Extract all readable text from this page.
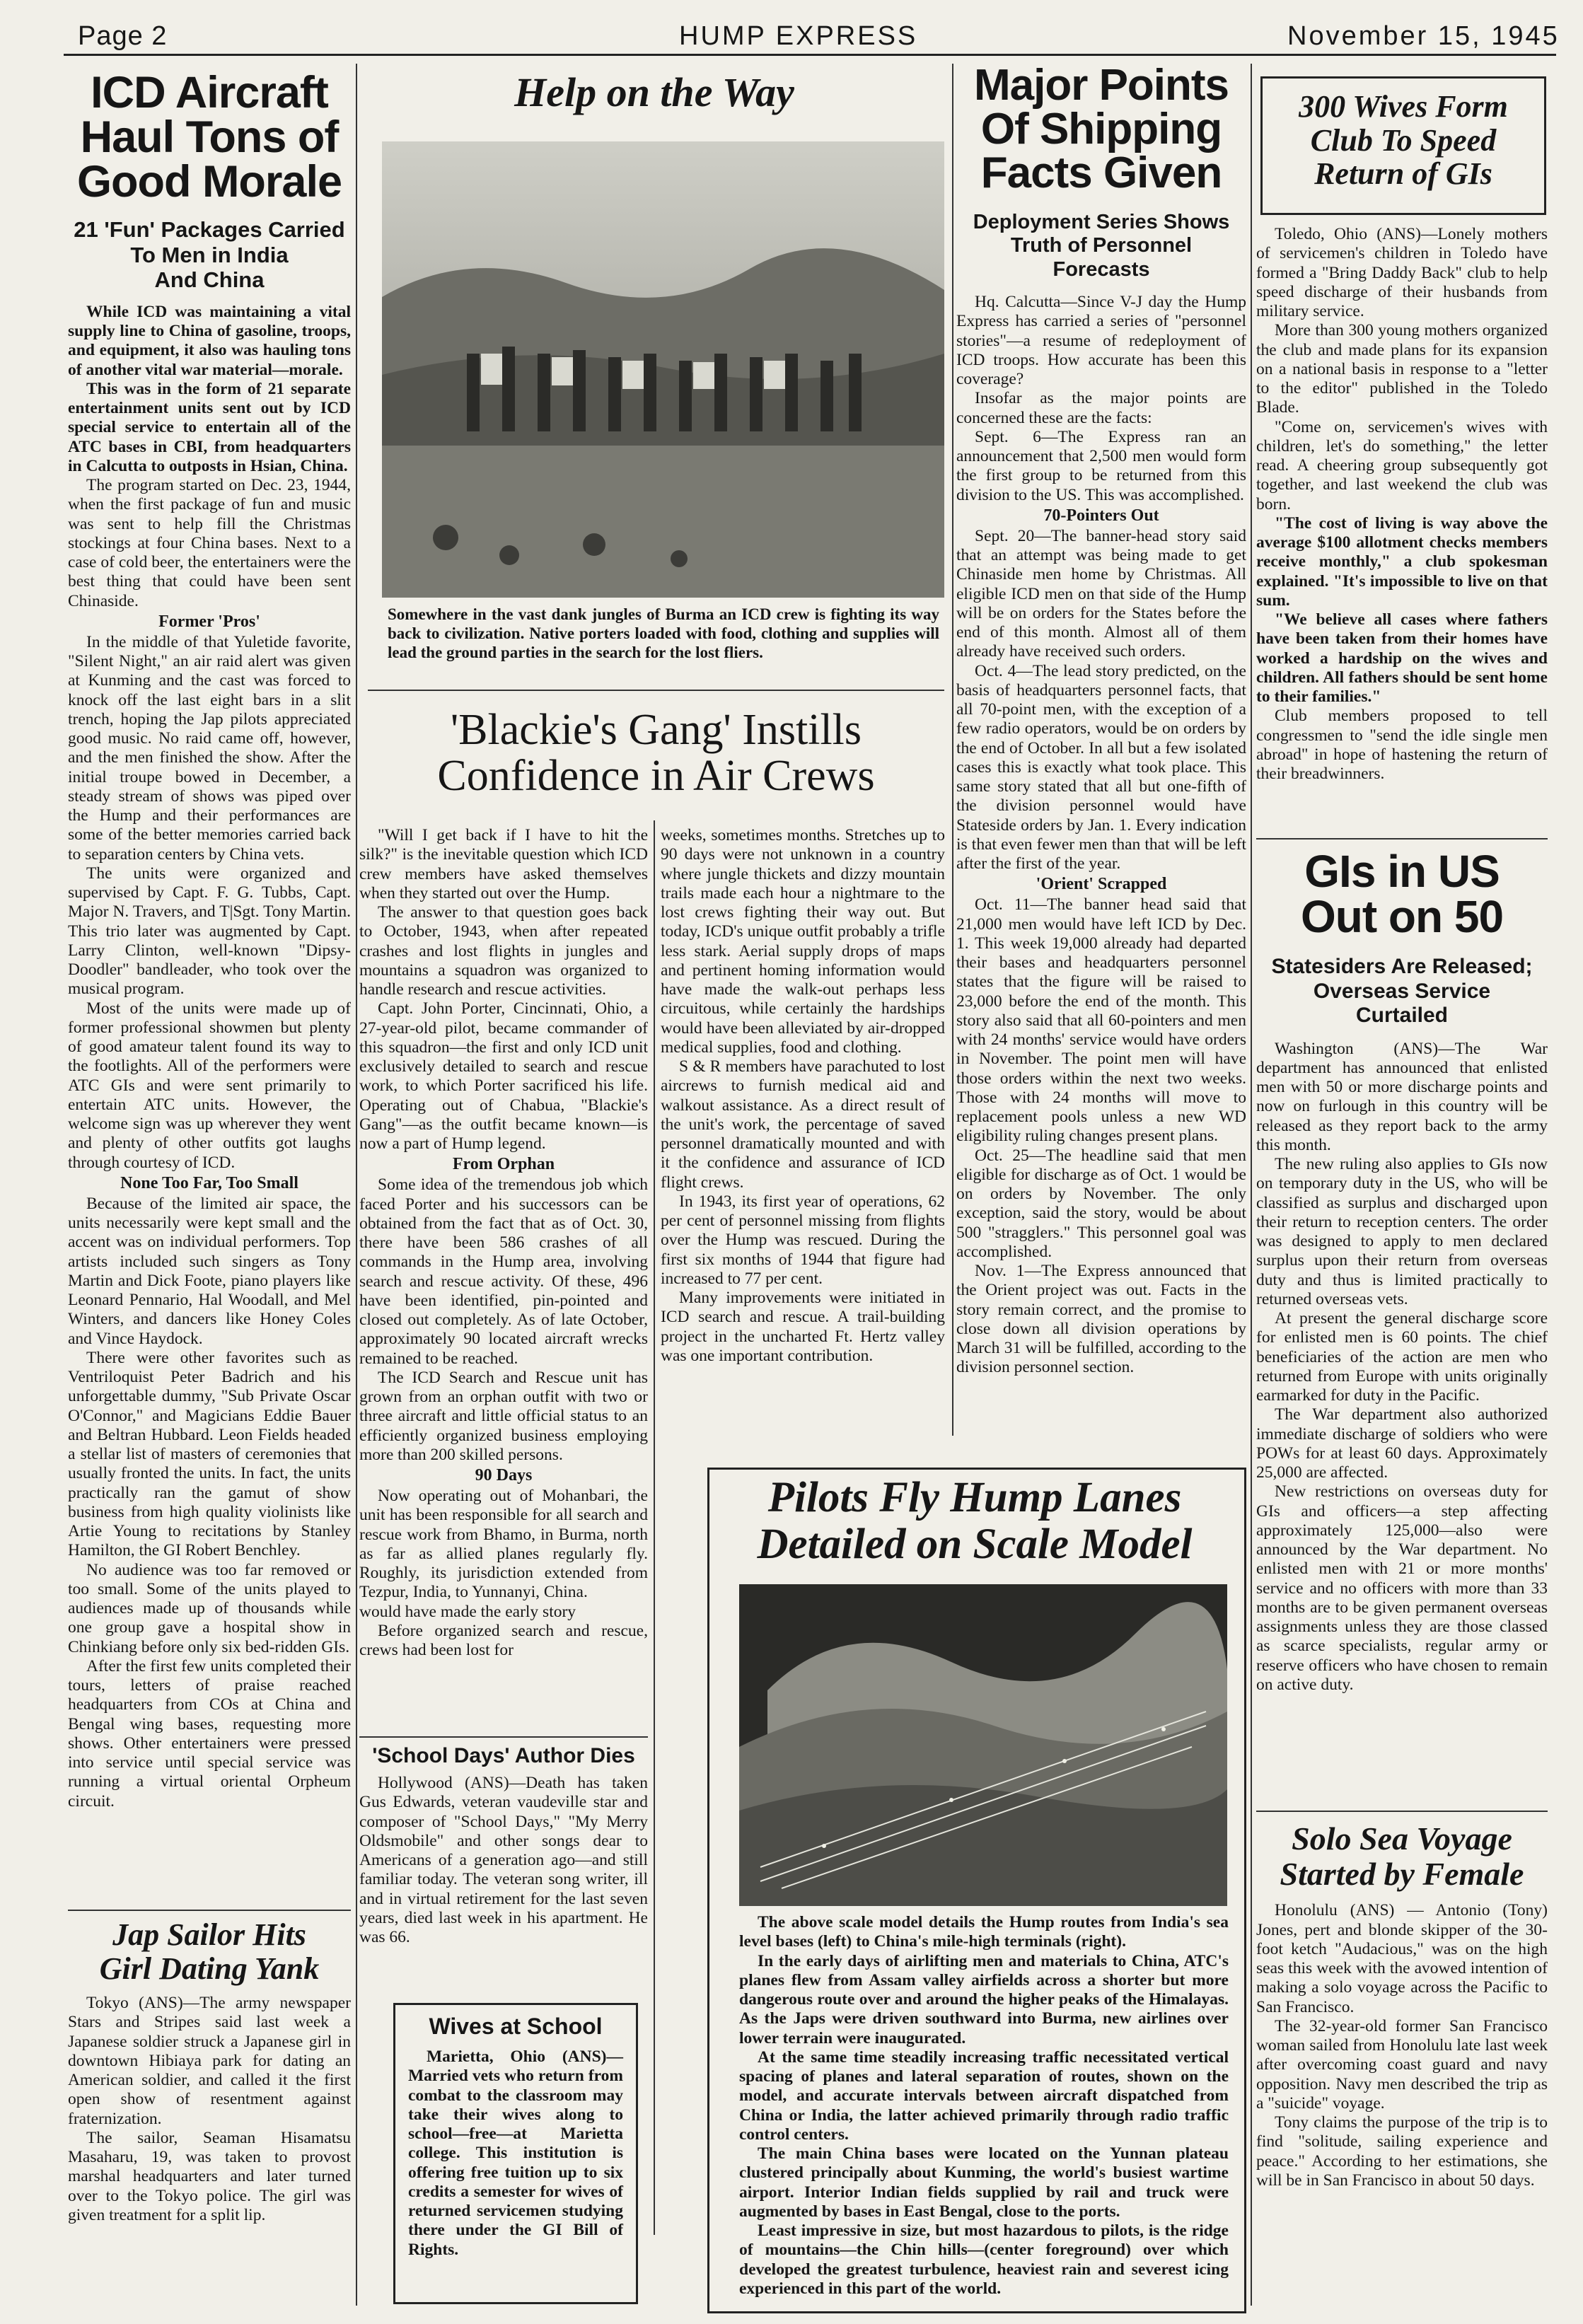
Page 2	HUMP EXPRESS	November 15, 1945
ICD Aircraft
Haul Tons of
Good Morale
21 'Fun' Packages Carried
To Men in India
And China

While ICD was maintaining a vital supply line to China of gasoline, troops, and equipment, it also was hauling tons of another vital war material—morale.

This was in the form of 21 separate entertainment units sent out by ICD special service to entertain all of the ATC bases in CBI, from headquarters in Calcutta to outposts in Hsian, China.

The program started on Dec. 23, 1944, when the first package of fun and music was sent to help fill the Christmas stockings at four China bases. Next to a case of cold beer, the entertainers were the best thing that could have been sent Chinaside.

Former 'Pros'

In the middle of that Yuletide favorite, "Silent Night," an air raid alert was given at Kunming and the cast was forced to knock off the last eight bars in a slit trench, hoping the Jap pilots appreciated good music. No raid came off, however, and the men finished the show. After the initial troupe bowed in December, a steady stream of shows was piped over the Hump and their performances are some of the better memories carried back to separation centers by China vets.

The units were organized and supervised by Capt. F. G. Tubbs, Capt. Major N. Travers, and T|Sgt. Tony Martin. This trio later was augmented by Capt. Larry Clinton, well-known "Dipsy-Doodler" bandleader, who took over the musical program.

Most of the units were made up of former professional showmen but plenty of good amateur talent found its way to the footlights. All of the performers were ATC GIs and were sent primarily to entertain ATC units. However, the welcome sign was up wherever they went and plenty of other outfits got laughs through courtesy of ICD.

None Too Far, Too Small

Because of the limited air space, the units necessarily were kept small and the accent was on individual performers. Top artists included such singers as Tony Martin and Dick Foote, piano players like Leonard Pennario, Hal Woodall, and Mel Winters, and dancers like Honey Coles and Vince Haydock.

There were other favorites such as Ventriloquist Peter Badrich and his unforgettable dummy, "Sub Private Oscar O'Connor," and Magicians Eddie Bauer and Beltran Hubbard. Leon Fields headed a stellar list of masters of ceremonies that usually fronted the units. In fact, the units practically ran the gamut of show business from high quality violinists like Artie Young to recitations by Stanley Hamilton, the GI Robert Benchley.

No audience was too far removed or too small. Some of the units played to audiences made up of thousands while one group gave a hospital show in Chinkiang before only six bed-ridden GIs.

After the first few units completed their tours, letters of praise reached headquarters from COs at China and Bengal wing bases, requesting more shows. Other entertainers were pressed into service until special service was running a virtual oriental Orpheum circuit.

Jap Sailor Hits
Girl Dating Yank

Tokyo (ANS)—The army newspaper Stars and Stripes said last week a Japanese soldier struck a Japanese girl in downtown Hibiaya park for dating an American soldier, and called it the first open show of resentment against fraternization.

The sailor, Seaman Hisamatsu Masaharu, 19, was taken to provost marshal headquarters and later turned over to the Tokyo police. The girl was given treatment for a split lip.

Help on the Way

Somewhere in the vast dank jungles of Burma an ICD crew is fighting its way back to civilization. Native porters loaded with food, clothing and supplies will lead the ground parties in the search for the lost fliers.

'Blackie's Gang' Instills
Confidence in Air Crews

"Will I get back if I have to hit the silk?" is the inevitable question which ICD crew members have asked themselves when they started out over the Hump.

The answer to that question goes back to October, 1943, when after repeated crashes and lost flights in jungles and mountains a squadron was organized to handle research and rescue activities.

Capt. John Porter, Cincinnati, Ohio, a 27-year-old pilot, became commander of this squadron—the first and only ICD unit exclusively detailed to search and rescue work, to which Porter sacrificed his life. Operating out of Chabua, "Blackie's Gang"—as the outfit became known—is now a part of Hump legend.

From Orphan

Some idea of the tremendous job which faced Porter and his successors can be obtained from the fact that as of Oct. 30, there have been 586 crashes of all commands in the Hump area, involving search and rescue activity. Of these, 496 have been identified, pin-pointed and closed out completely. As of late October, approximately 90 located aircraft wrecks remained to be reached.

The ICD Search and Rescue unit has grown from an orphan outfit with two or three aircraft and little official status to an efficiently organized business employing more than 200 skilled persons.

90 Days

Now operating out of Mohanbari, the unit has been responsible for all search and rescue work from Bhamo, in Burma, north as far as allied planes regularly fly. Roughly, its jurisdiction extended from Tezpur, India, to Yunnanyi, China.

would have made the early story

Before organized search and rescue, crews had been lost for

weeks, sometimes months. Stretches up to 90 days were not unknown in a country where jungle thickets and dizzy mountain trails made each hour a nightmare to the lost crews fighting their way out. But today, ICD's unique outfit probably a trifle less stark. Aerial supply drops of maps and pertinent homing information would have made the walk-out perhaps less circuitous, while certainly the hardships would have been alleviated by air-dropped medical supplies, food and clothing.

S & R members have parachuted to lost aircrews to furnish medical aid and walkout assistance. As a direct result of the unit's work, the percentage of saved personnel dramatically mounted and with it the confidence and assurance of ICD flight crews.

In 1943, its first year of operations, 62 per cent of personnel missing from flights over the Hump was rescued. During the first six months of 1944 that figure had increased to 77 per cent.

Many improvements were initiated in ICD search and rescue. A trail-building project in the uncharted Ft. Hertz valley was one important contribution.

'School Days' Author Dies

Hollywood (ANS)—Death has taken Gus Edwards, veteran vaudeville star and composer of "School Days," "My Merry Oldsmobile" and other songs dear to Americans of a generation ago—and still familiar today. The veteran song writer, ill and in virtual retirement for the last seven years, died last week in his apartment. He was 66.

Wives at School

Marietta, Ohio (ANS)—Married vets who return from combat to the classroom may take their wives along to school—free—at Marietta college. This institution is offering free tuition up to six credits a semester for wives of returned servicemen studying there under the GI Bill of Rights.

Pilots Fly Hump Lanes
Detailed on Scale Model

The above scale model details the Hump routes from India's sea level bases (left) to China's mile-high terminals (right).

In the early days of airlifting men and materials to China, ATC's planes flew from Assam valley airfields across a shorter but more dangerous route over and around the higher peaks of the Himalayas. As the Japs were driven southward into Burma, new airlines over lower terrain were inaugurated.

At the same time steadily increasing traffic necessitated vertical spacing of planes and lateral separation of routes, shown on the model, and accurate intervals between aircraft dispatched from China or India, the latter achieved primarily through radio traffic control centers.

The main China bases were located on the Yunnan plateau clustered principally about Kunming, the world's busiest wartime airport. Interior Indian fields supplied by rail and truck were augmented by bases in East Bengal, close to the ports.

Least impressive in size, but most hazardous to pilots, is the ridge of mountains—the Chin hills—(center foreground) over which developed the greatest turbulence, heaviest rain and severest icing experienced in this part of the world.

Major Points
Of Shipping
Facts Given
Deployment Series Shows
Truth of Personnel
Forecasts

Hq. Calcutta—Since V-J day the Hump Express has carried a series of "personnel stories"—a resume of redeployment of ICD troops. How accurate has been this coverage?

Insofar as the major points are concerned these are the facts:

Sept. 6—The Express ran an announcement that 2,500 men would form the first group to be returned from this division to the US. This was accomplished.

70-Pointers Out

Sept. 20—The banner-head story said that an attempt was being made to get Chinaside men home by Christmas. All eligible ICD men on that side of the Hump will be on orders for the States before the end of this month. Almost all of them already have received such orders.

Oct. 4—The lead story predicted, on the basis of headquarters personnel facts, that all 70-point men, with the exception of a few radio operators, would be on orders by the end of October. In all but a few isolated cases this is exactly what took place. This same story stated that all but one-fifth of the division personnel would have Stateside orders by Jan. 1. Every indication is that even fewer men than that will be left after the first of the year.

'Orient' Scrapped

Oct. 11—The banner head said that 21,000 men would have left ICD by Dec. 1. This week 19,000 already had departed their bases and headquarters personnel states that the figure will be raised to 23,000 before the end of the month. This story also said that all 60-pointers and men with 24 months' service would have orders in November. The point men will have those orders within the next two weeks. Those with 24 months will move to replacement pools unless a new WD eligibility ruling changes present plans.

Oct. 25—The headline said that men eligible for discharge as of Oct. 1 would be on orders by November. The only exception, said the story, would be about 500 "stragglers." This personnel goal was accomplished.

Nov. 1—The Express announced that the Orient project was out. Facts in the story remain correct, and the promise to close down all division operations by March 31 will be fulfilled, according to the division personnel section.

300 Wives Form
Club To Speed
Return of GIs

Toledo, Ohio (ANS)—Lonely mothers of servicemen's children in Toledo have formed a "Bring Daddy Back" club to help speed discharge of their husbands from military service.

More than 300 young mothers organized the club and made plans for its expansion on a national basis in response to a "letter to the editor" published in the Toledo Blade.

"Come on, servicemen's wives with children, let's do something," the letter read. A cheering group subsequently got together, and last weekend the club was born.

"The cost of living is way above the average $100 allotment checks members receive monthly," a club spokesman explained. "It's impossible to live on that sum.

"We believe all cases where fathers have been taken from their homes have worked a hardship on the wives and children. All fathers should be sent home to their families."

Club members proposed to tell congressmen to "send the idle single men abroad" in hope of hastening the return of their breadwinners.

GIs in US
Out on 50
Statesiders Are Released;
Overseas Service
Curtailed

Washington (ANS)—The War department has announced that enlisted men with 50 or more discharge points and now on furlough in this country will be released as they report back to the army this month.

The new ruling also applies to GIs now on temporary duty in the US, who will be classified as surplus and discharged upon their return to reception centers. The order was designed to apply to men declared surplus upon their return from overseas duty and thus is limited practically to returned overseas vets.

At present the general discharge score for enlisted men is 60 points. The chief beneficiaries of the action are men who returned from Europe with units originally earmarked for duty in the Pacific.

The War department also authorized immediate discharge of soldiers who were POWs for at least 60 days. Approximately 25,000 are affected.

New restrictions on overseas duty for GIs and officers—a step affecting approximately 125,000—also were announced by the War department. No enlisted men with 21 or more months' service and no officers with more than 33 months are to be given permanent overseas assignments unless they are those classed as scarce specialists, regular army or reserve officers who have chosen to remain on active duty.

Solo Sea Voyage
Started by Female

Honolulu (ANS) — Antonio (Tony) Jones, pert and blonde skipper of the 30-foot ketch "Audacious," was on the high seas this week with the avowed intention of making a solo voyage across the Pacific to San Francisco.

The 32-year-old former San Francisco woman sailed from Honolulu late last week after overcoming coast guard and navy opposition. Navy men described the trip as a "suicide" voyage.

Tony claims the purpose of the trip is to find "solitude, sailing experience and peace." According to her estimations, she will be in San Francisco in about 50 days.
